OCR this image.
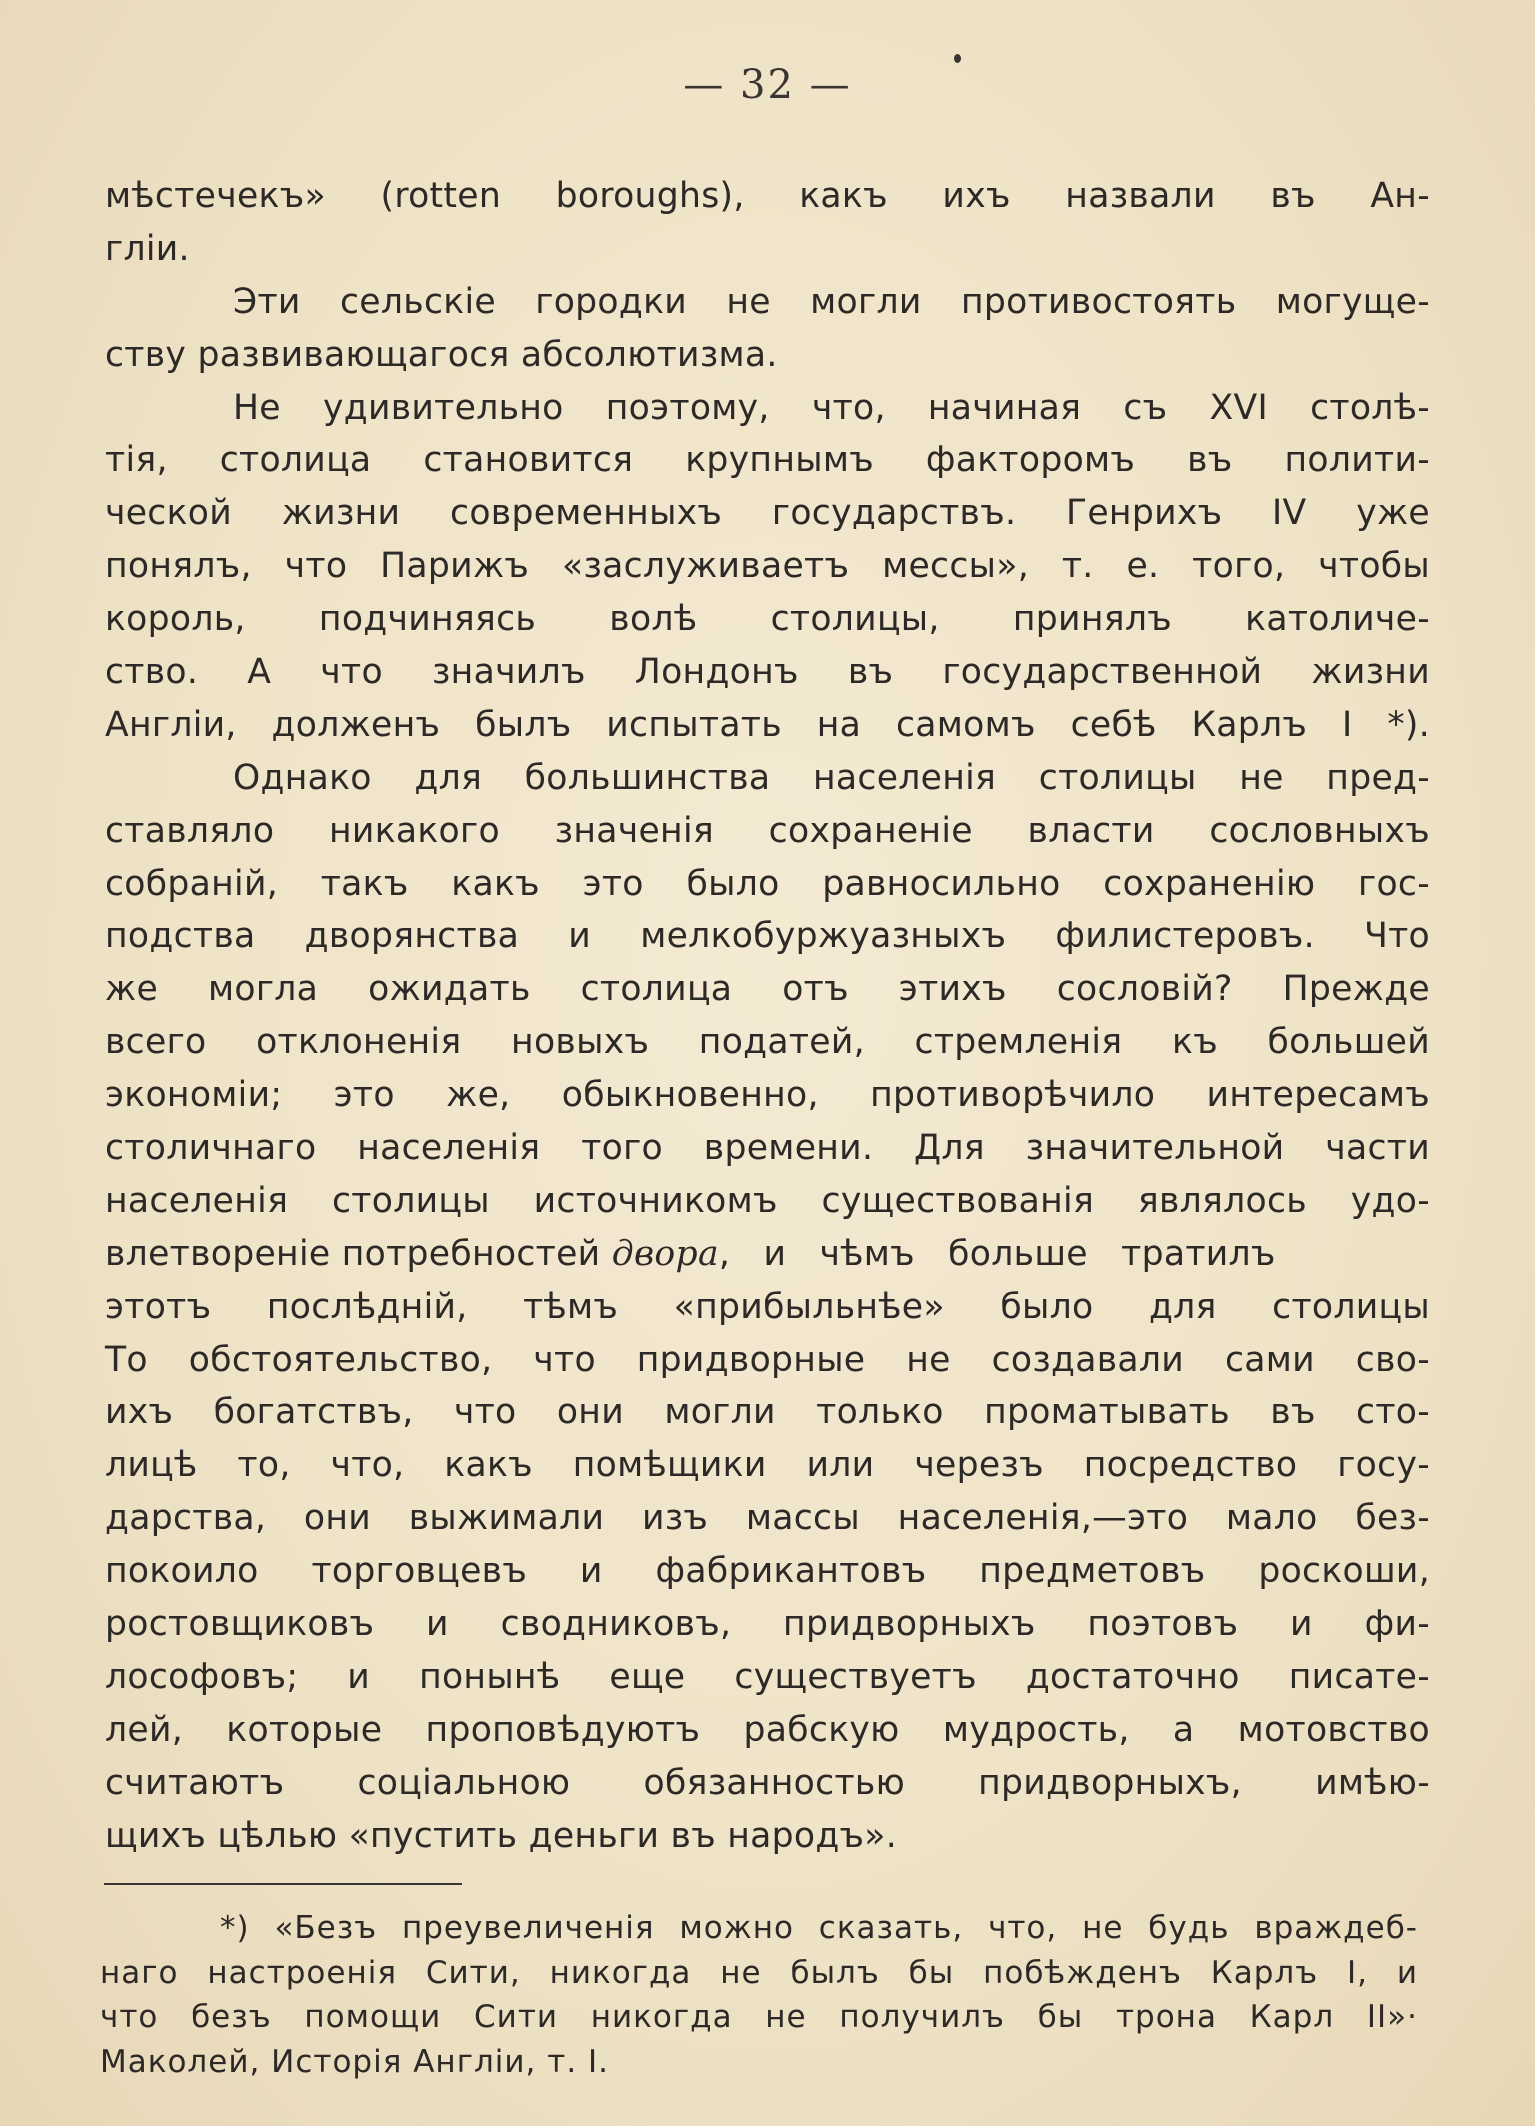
— 32 —
мѣстечекъ» (rotten boroughs), какъ ихъ назвали въ Ан-
гліи.
Эти сельскіе городки не могли противостоять могуще-
ству развивающагося абсолютизма.
Не удивительно поэтому, что, начиная съ XVI столѣ-
тія, столица становится крупнымъ факторомъ въ полити-
ческой жизни современныхъ государствъ. Генрихъ IV уже
понялъ, что Парижъ «заслуживаетъ мессы», т. е. того, чтобы
король, подчиняясь волѣ столицы, принялъ католиче-
ство. А что значилъ Лондонъ въ государственной жизни
Англіи, долженъ былъ испытать на самомъ себѣ Карлъ I *).
Однако для большинства населенія столицы не пред-
ставляло никакого значенія сохраненіе власти сословныхъ
собраній, такъ какъ это было равносильно сохраненію гос-
подства дворянства и мелкобуржуазныхъ филистеровъ. Что
же могла ожидать столица отъ этихъ сословій? Прежде
всего отклоненія новыхъ податей, стремленія къ большей
экономіи; это же, обыкновенно, противорѣчило интересамъ
столичнаго населенія того времени. Для значительной части
населенія столицы источникомъ существованія являлось удо-
влетвореніе потребностей двора, и чѣмъ больше тратилъ
этотъ послѣдній, тѣмъ «прибыльнѣе» было для столицы
То обстоятельство, что придворные не создавали сами сво-
ихъ богатствъ, что они могли только проматывать въ сто-
лицѣ то, что, какъ помѣщики или черезъ посредство госу-
дарства, они выжимали изъ массы населенія,—это мало без-
покоило торговцевъ и фабрикантовъ предметовъ роскоши,
ростовщиковъ и сводниковъ, придворныхъ поэтовъ и фи-
лософовъ; и понынѣ еще существуетъ достаточно писате-
лей, которые проповѣдуютъ рабскую мудрость, а мотовство
считаютъ соціальною обязанностью придворныхъ, имѣю-
щихъ цѣлью «пустить деньги въ народъ».
*) «Безъ преувеличенія можно сказать, что, не будь враждеб-
наго настроенія Сити, никогда не былъ бы побѣжденъ Карлъ I, и
что безъ помощи Сити никогда не получилъ бы трона Карл II»·
Маколей, Исторія Англіи, т. I.
